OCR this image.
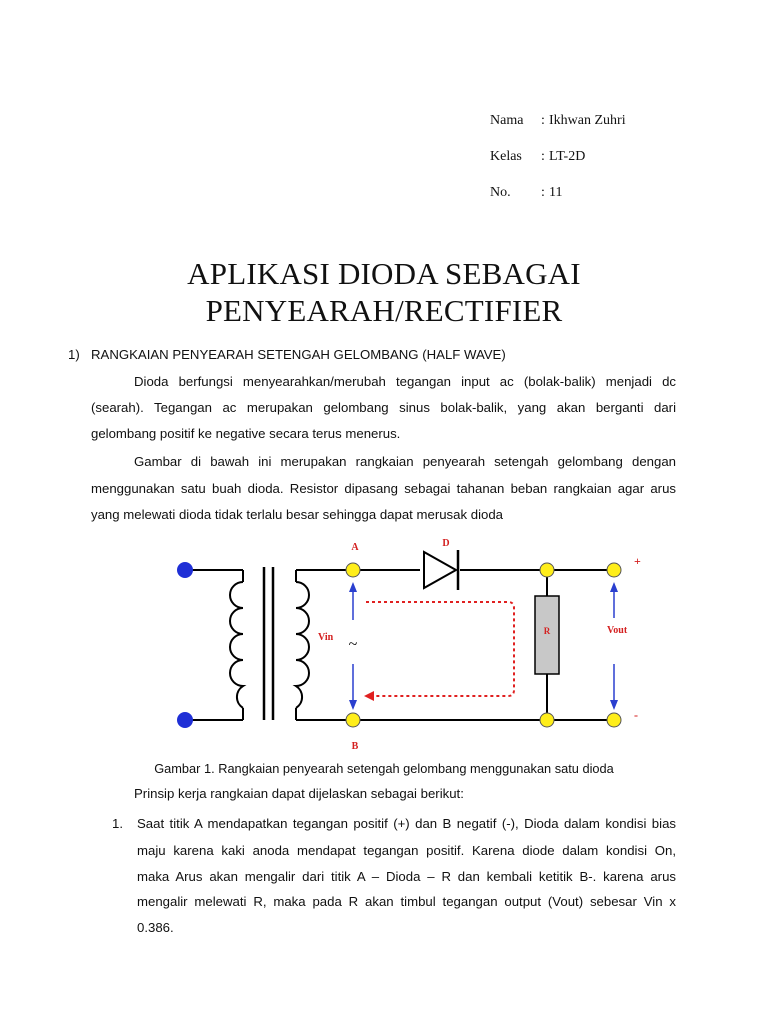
Nama	: Ikhwan Zuhri
Kelas	: LT-2D
No.	: 11
APLIKASI DIODA SEBAGAI
PENYEARAH/RECTIFIER
1) RANGKAIAN PENYEARAH SETENGAH GELOMBANG (HALF WAVE)
Dioda berfungsi menyearahkan/merubah tegangan input ac (bolak-balik) menjadi dc
(searah). Tegangan ac merupakan gelombang sinus bolak-balik, yang akan berganti dari
gelombang positif ke negative secara terus menerus.
Gambar di bawah ini merupakan rangkaian penyearah setengah gelombang dengan
menggunakan satu buah dioda. Resistor dipasang sebagai tahanan beban rangkaian agar arus
yang melewati dioda tidak terlalu besar sehingga dapat merusak dioda
A
B
D
R
Vin ~
Vout
+
-
Gambar 1. Rangkaian penyearah setengah gelombang menggunakan satu dioda
Prinsip kerja rangkaian dapat dijelaskan sebagai berikut:
1. Saat titik A mendapatkan tegangan positif (+) dan B negatif (-), Dioda dalam kondisi bias
maju karena kaki anoda mendapat tegangan positif. Karena diode dalam kondisi On,
maka Arus akan mengalir dari titik A – Dioda – R dan kembali ketitik B-. karena arus
mengalir melewati R, maka pada R akan timbul tegangan output (Vout) sebesar Vin x
0.386.
